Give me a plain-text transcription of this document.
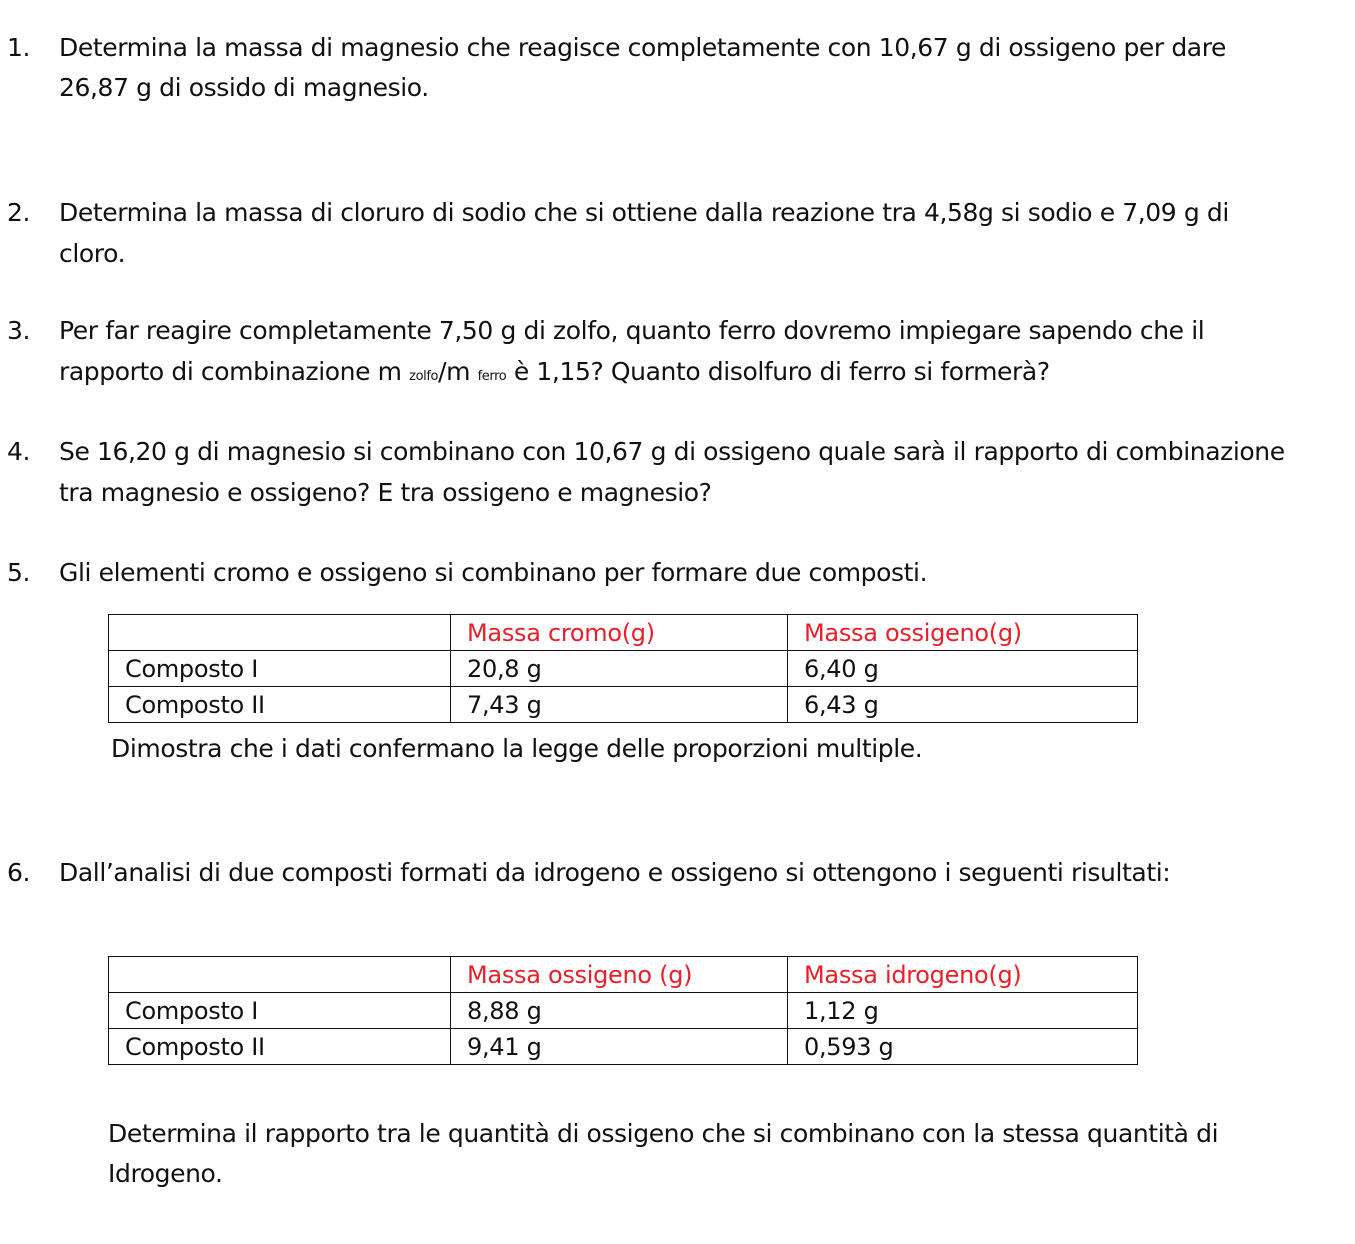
1. Determina la massa di magnesio che reagisce completamente con 10,67 g di ossigeno per dare
26,87 g di ossido di magnesio.
2. Determina la massa di cloruro di sodio che si ottiene dalla reazione tra 4,58g si sodio e 7,09 g di
cloro.
3. Per far reagire completamente 7,50 g di zolfo, quanto ferro dovremo impiegare sapendo che il
rapporto di combinazione m zolfo/m ferro è 1,15? Quanto disolfuro di ferro si formerà?
4. Se 16,20 g di magnesio si combinano con 10,67 g di ossigeno quale sarà il rapporto di combinazione
tra magnesio e ossigeno? E tra ossigeno e magnesio?
5. Gli elementi cromo e ossigeno si combinano per formare due composti.
	Massa cromo(g)	Massa ossigeno(g)
Composto I	20,8 g	6,40 g
Composto II	7,43 g	6,43 g
Dimostra che i dati confermano la legge delle proporzioni multiple.
6. Dall’analisi di due composti formati da idrogeno e ossigeno si ottengono i seguenti risultati:
	Massa ossigeno (g)	Massa idrogeno(g)
Composto I	8,88 g	1,12 g
Composto II	9,41 g	0,593 g
Determina il rapporto tra le quantità di ossigeno che si combinano con la stessa quantità di
Idrogeno.
